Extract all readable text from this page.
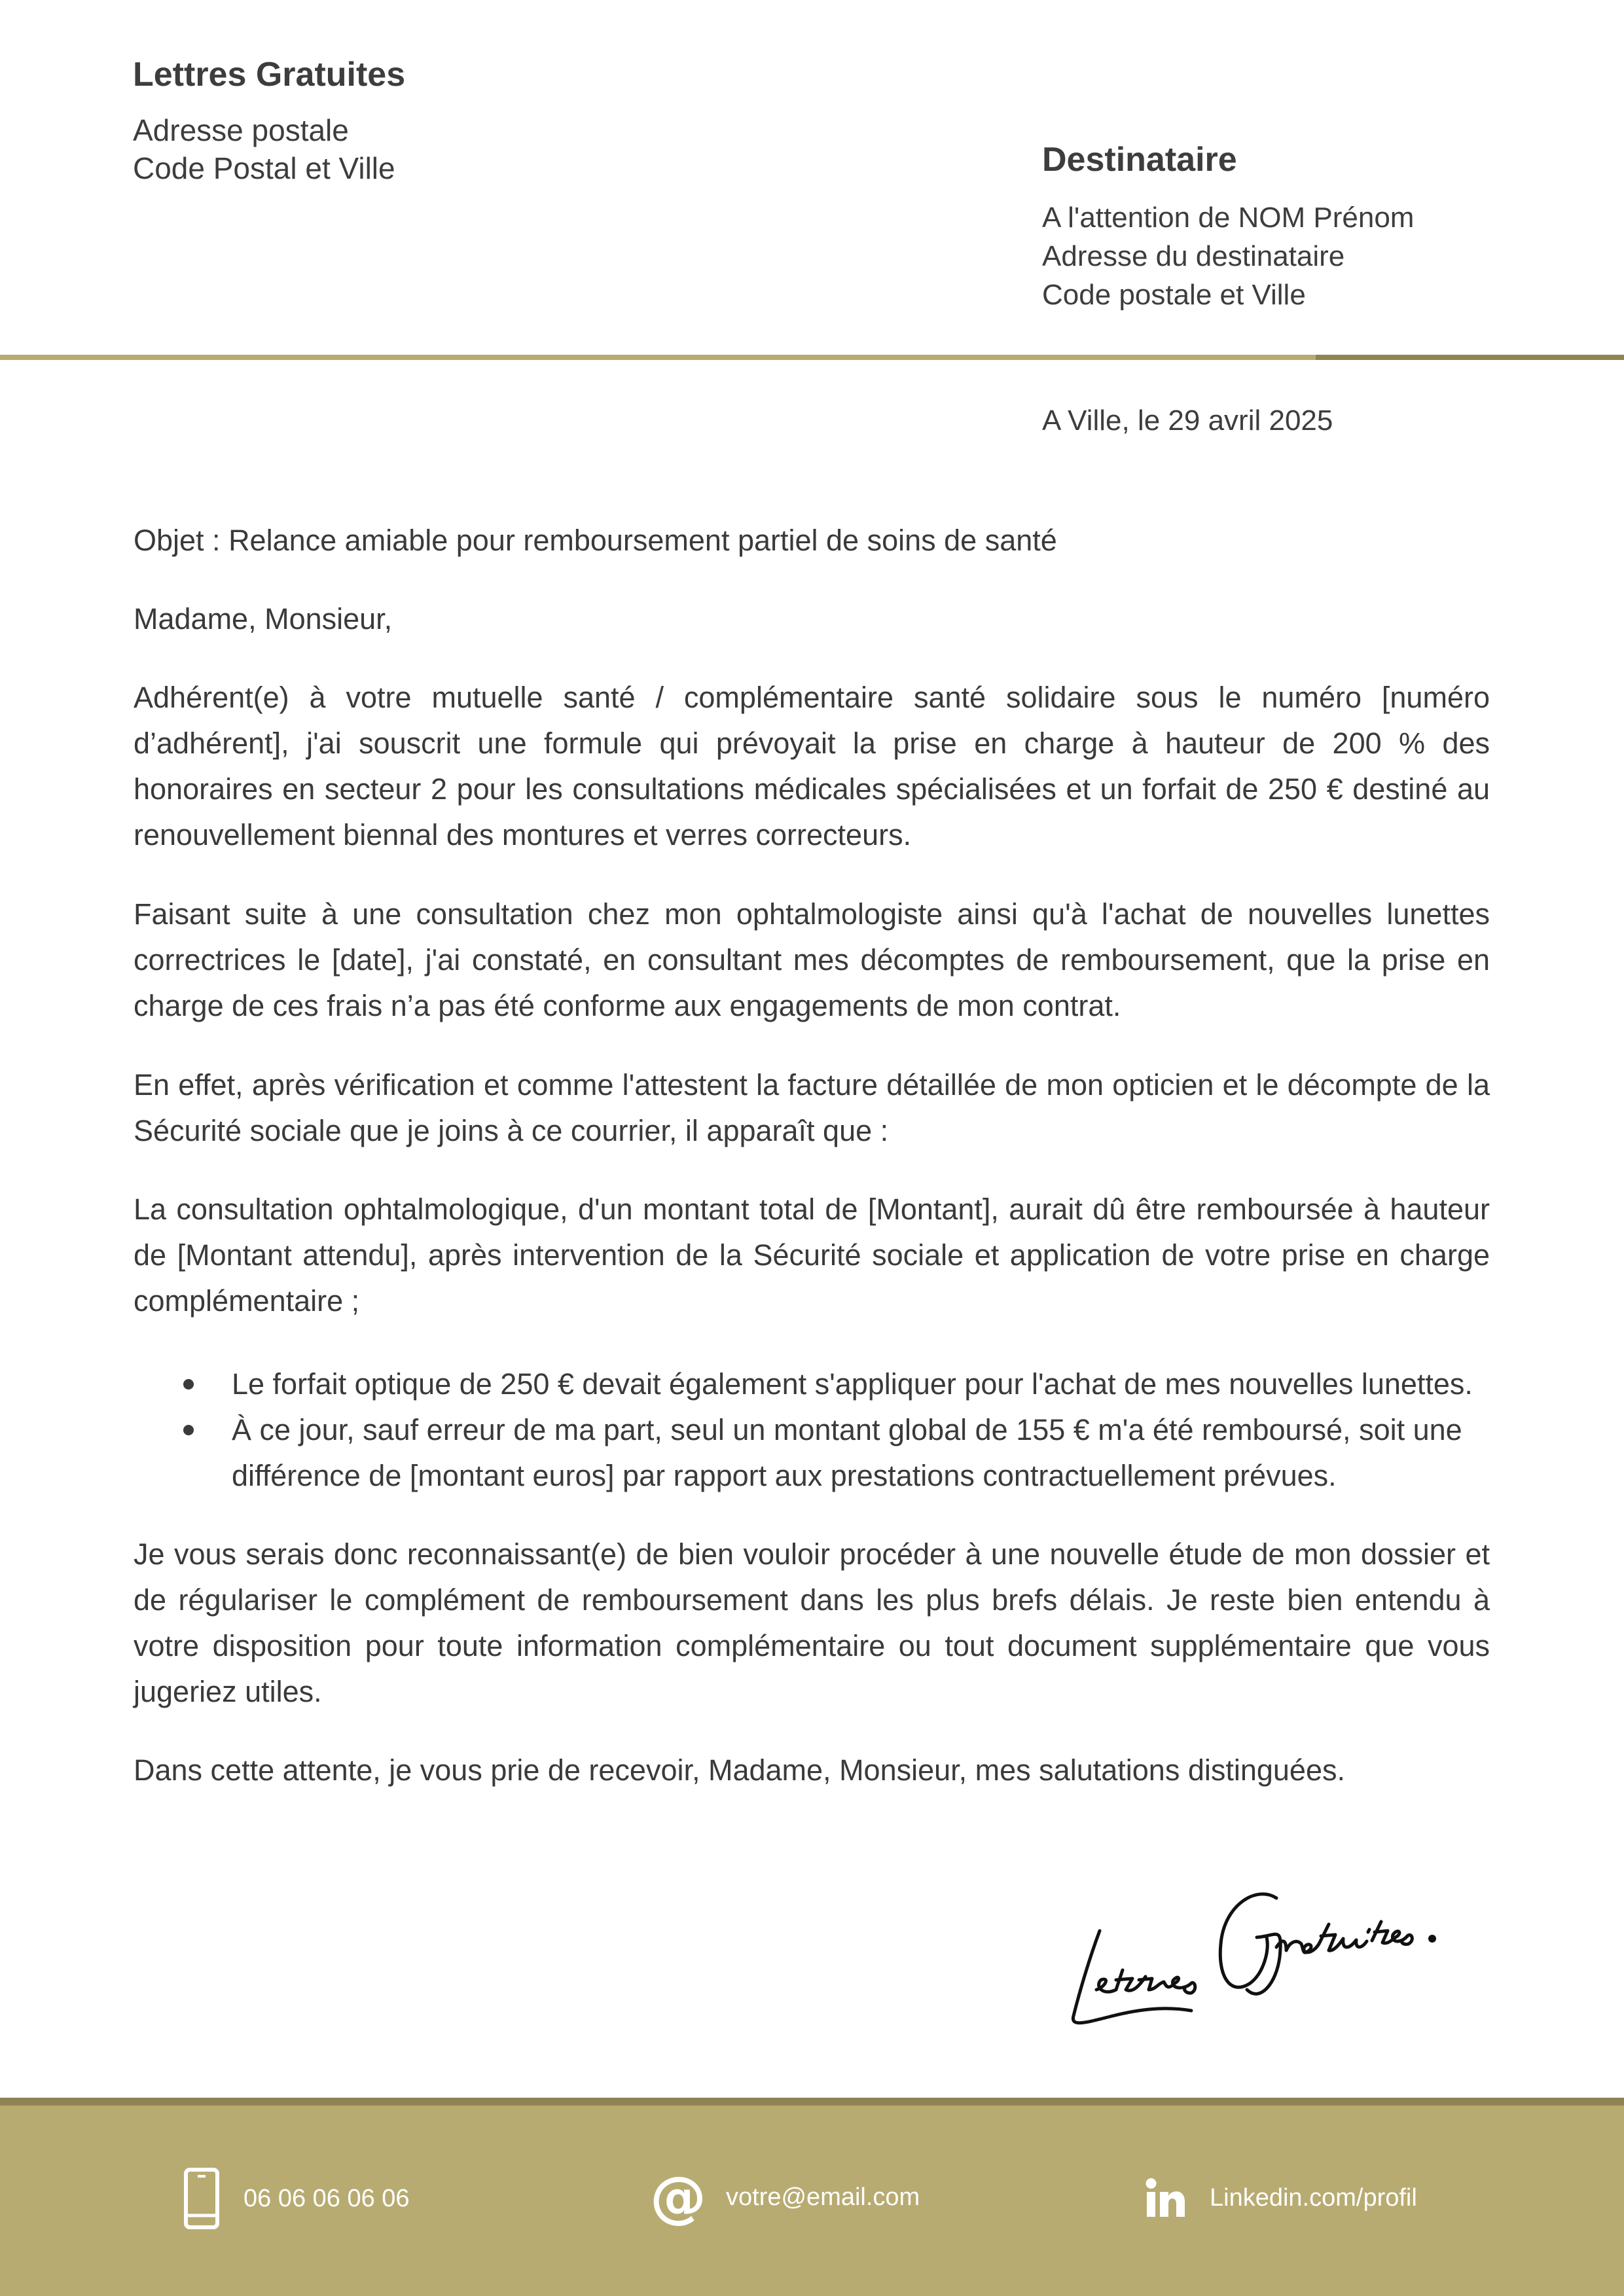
Lettres Gratuites
Adresse postale
Code Postal et Ville	Destinataire
A l'attention de NOM Prénom
Adresse du destinataire
Code postale et Ville
A Ville, le 29 avril 2025
Objet : Relance amiable pour remboursement partiel de soins de santé
Madame, Monsieur,
Adhérent(e) à votre mutuelle santé / complémentaire santé solidaire sous le numéro [numéro d’adhérent], j'ai souscrit une formule qui prévoyait la prise en charge à hauteur de 200 % des honoraires en secteur 2 pour les consultations médicales spécialisées et un forfait de 250 € destiné au renouvellement biennal des montures et verres correcteurs.
Faisant suite à une consultation chez mon ophtalmologiste ainsi qu'à l'achat de nouvelles lunettes correctrices le [date], j'ai constaté, en consultant mes décomptes de remboursement, que la prise en charge de ces frais n’a pas été conforme aux engagements de mon contrat.
En effet, après vérification et comme l'attestent la facture détaillée de mon opticien et le décompte de la Sécurité sociale que je joins à ce courrier, il apparaît que :
La consultation ophtalmologique, d'un montant total de [Montant], aurait dû être remboursée à hauteur de [Montant attendu], après intervention de la Sécurité sociale et application de votre prise en charge complémentaire ;
Le forfait optique de 250 € devait également s'appliquer pour l'achat de mes nouvelles lunettes.
À ce jour, sauf erreur de ma part, seul un montant global de 155 € m'a été remboursé, soit une différence de [montant euros] par rapport aux prestations contractuellement prévues.
Je vous serais donc reconnaissant(e) de bien vouloir procéder à une nouvelle étude de mon dossier et de régulariser le complément de remboursement dans les plus brefs délais. Je reste bien entendu à votre disposition pour toute information complémentaire ou tout document supplémentaire que vous jugeriez utiles.
Dans cette attente, je vous prie de recevoir, Madame, Monsieur, mes salutations distinguées.
06 06 06 06 06	@ votre@email.com	Linkedin.com/profil
